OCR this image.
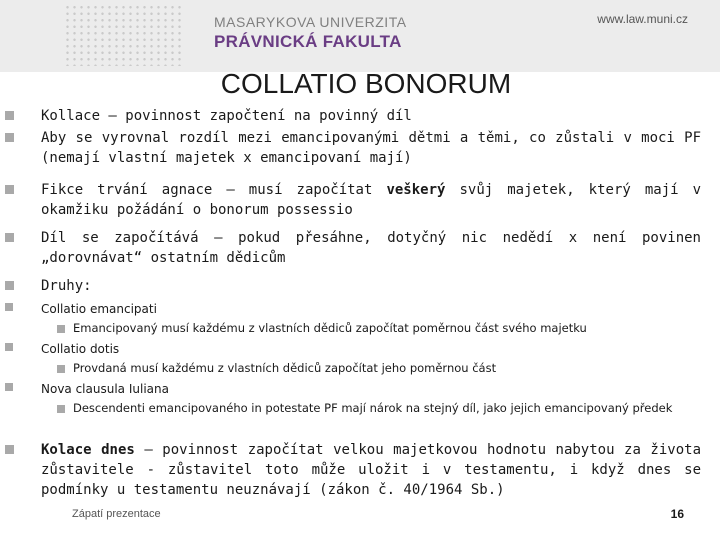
MASARYKOVA UNIVERZITA
PRÁVNICKÁ FAKULTA
www.law.muni.cz
COLLATIO BONORUM
Kollace – povinnost započtení na povinný díl
Aby se vyrovnal rozdíl mezi emancipovanými dětmi a těmi, co zůstali v moci PF (nemají vlastní majetek x emancipovaní mají)
Fikce trvání agnace – musí započítat veškerý svůj majetek, který mají v okamžiku požádání o bonorum possessio
Díl se započítává – pokud přesáhne, dotyčný nic nedědí x není povinen „dorovnávat“ ostatním dědicům
Druhy:
Collatio emancipati
Emancipovaný musí každému z vlastních dědiců započítat poměrnou část svého majetku
Collatio dotis
Provdaná musí každému z vlastních dědiců započítat jeho poměrnou část
Nova clausula Iuliana
Descendenti emancipovaného in potestate PF mají nárok na stejný díl, jako jejich emancipovaný předek
Kolace dnes – povinnost započítat velkou majetkovou hodnotu nabytou za života zůstavitele - zůstavitel toto může uložit i v testamentu, i když dnes se podmínky u testamentu neuznávají (zákon č. 40/1964 Sb.)
Zápatí prezentace	16
